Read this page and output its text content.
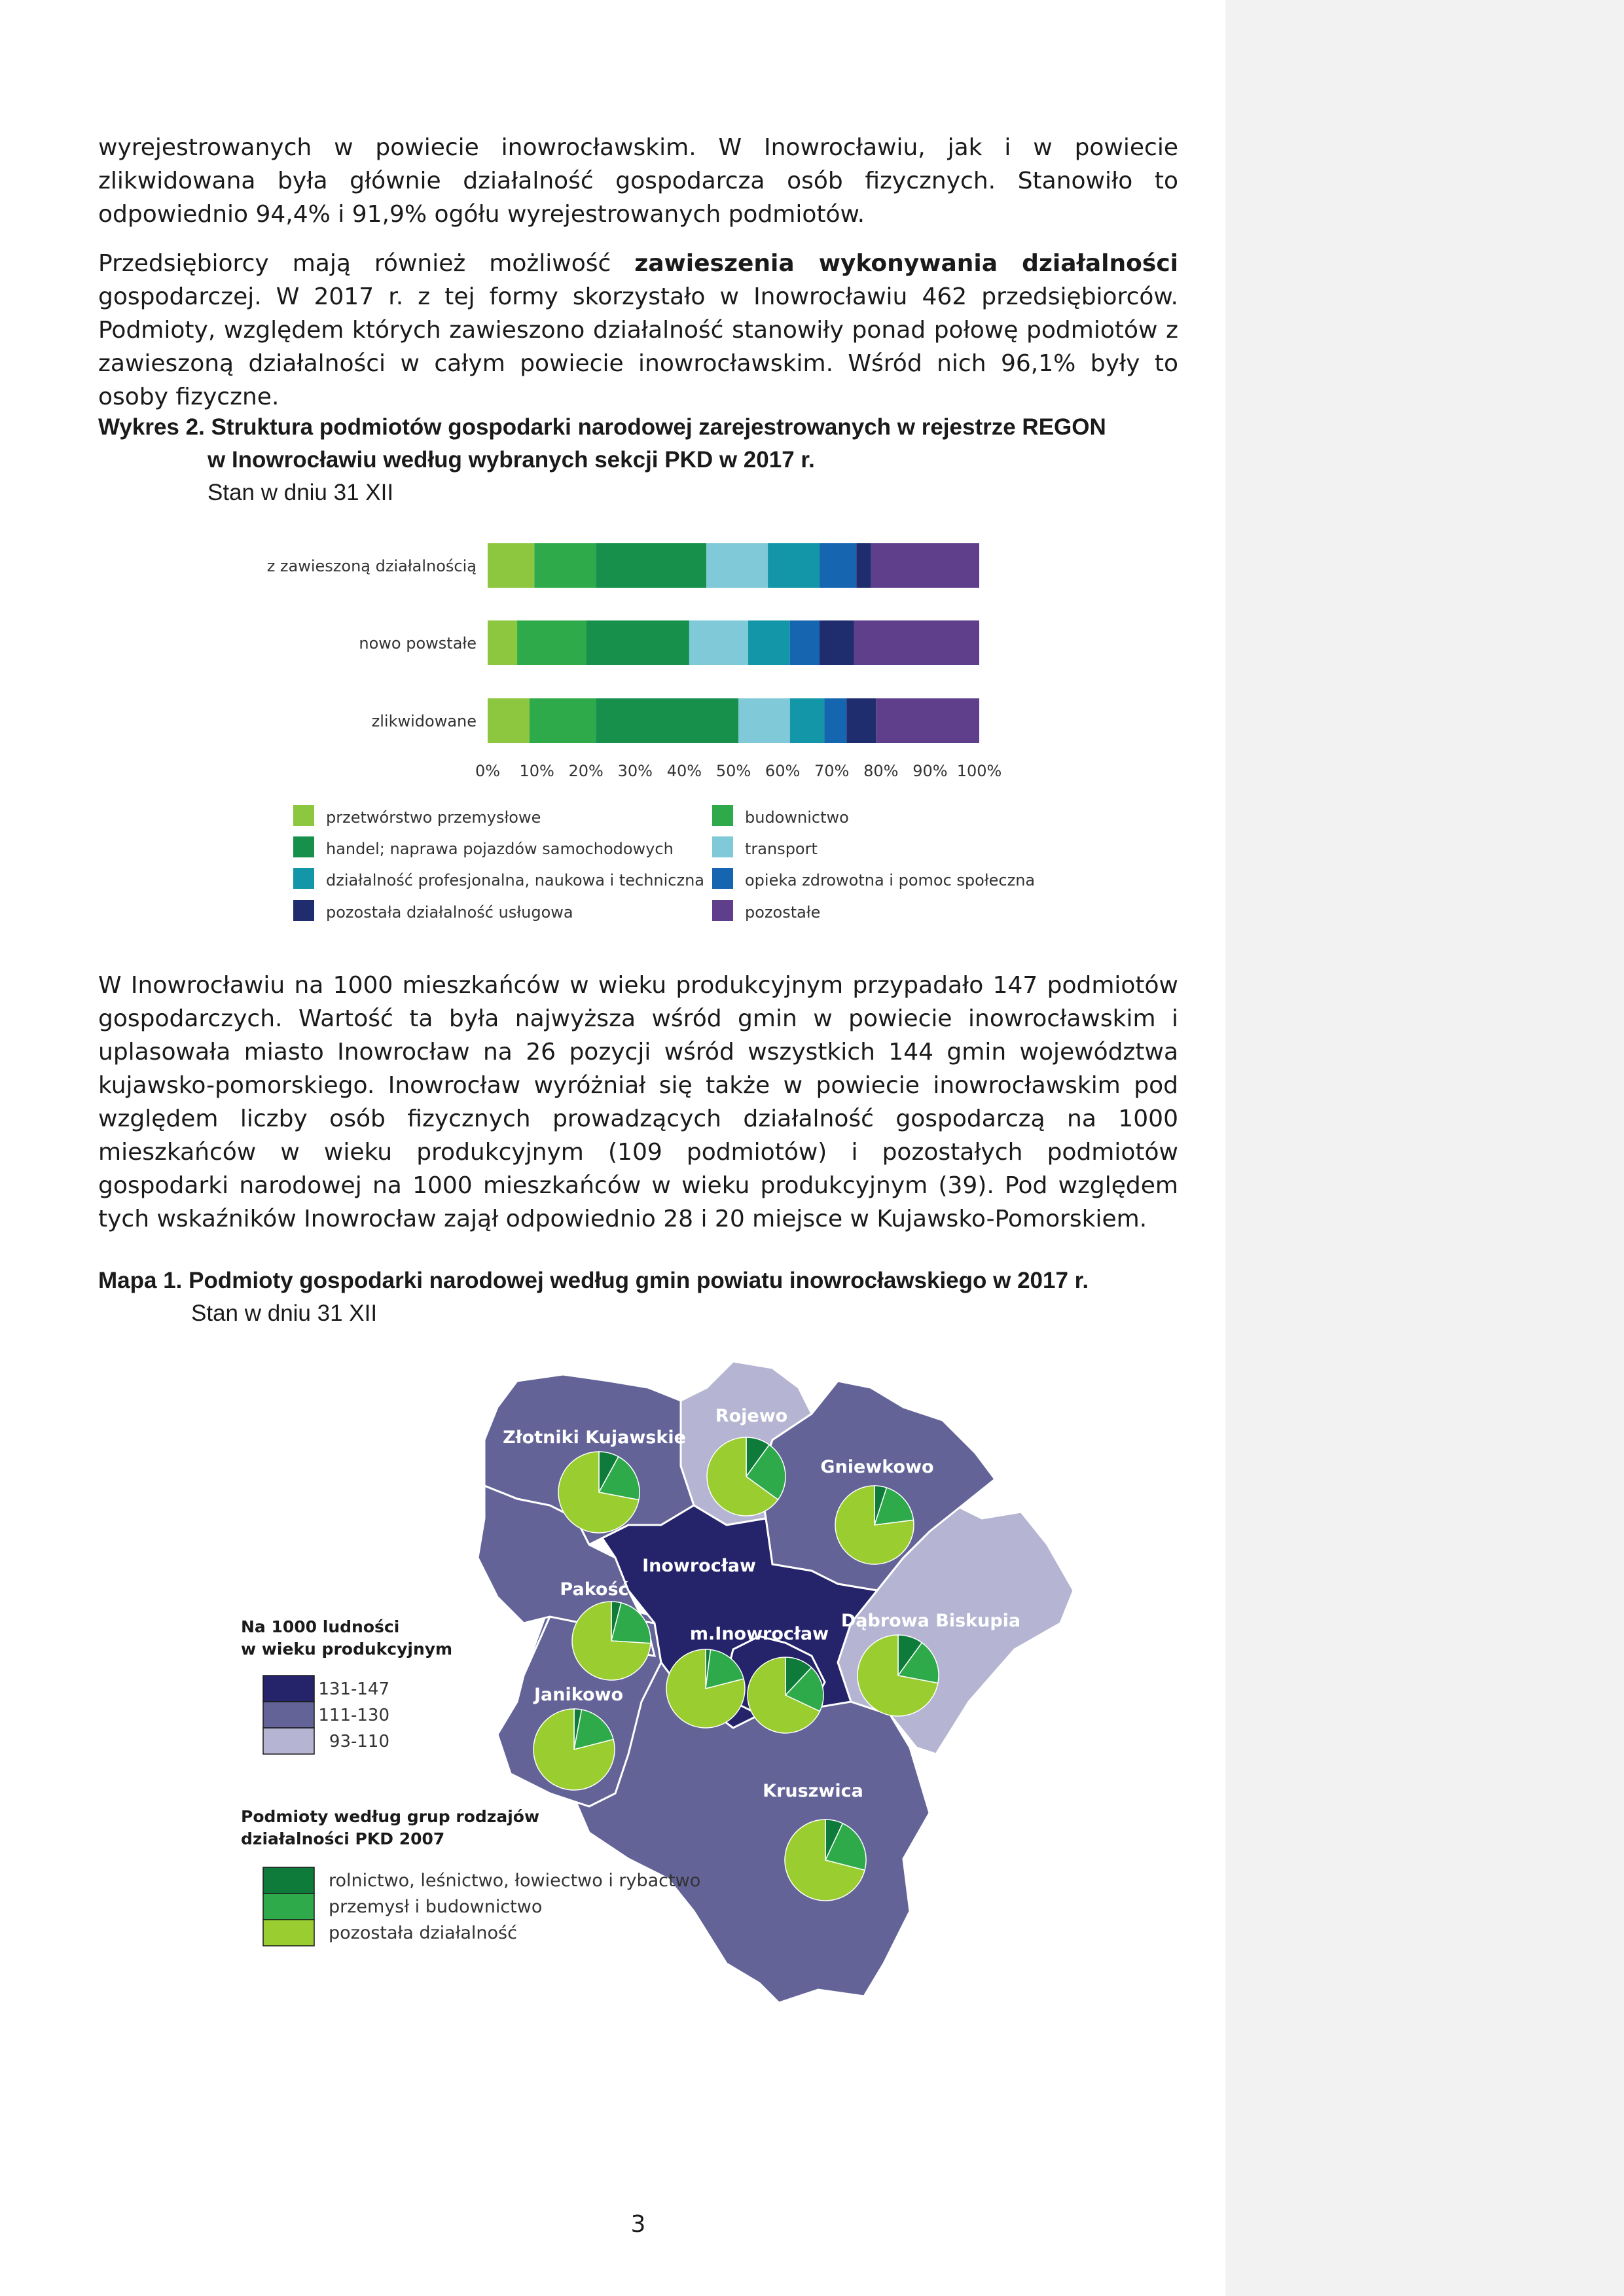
wyrejestrowanych w powiecie inowrocławskim. W Inowrocławiu, jak i w powiecie zlikwidowana była głównie działalność gospodarcza osób fizycznych. Stanowiło to odpowiednio 94,4% i 91,9% ogółu wyrejestrowanych podmiotów.

Przedsiębiorcy mają również możliwość zawieszenia wykonywania działalności gospodarczej. W 2017 r. z tej formy skorzystało w Inowrocławiu 462 przedsiębiorców. Podmioty, względem których zawieszono działalność stanowiły ponad połowę podmiotów z zawieszoną działalności w całym powiecie inowrocławskim. Wśród nich 96,1% były to osoby fizyczne.

Wykres 2. Struktura podmiotów gospodarki narodowej zarejestrowanych w rejestrze REGON
w Inowrocławiu według wybranych sekcji PKD w 2017 r.
Stan w dniu 31 XII
z zawieszoną działalnością
nowo powstałe
zlikwidowane
0% 10% 20% 30% 40% 50% 60% 70% 80% 90% 100%
przetwórstwo przemysłowe	budownictwo
handel; naprawa pojazdów samochodowych	transport
działalność profesjonalna, naukowa i techniczna	opieka zdrowotna i pomoc społeczna
pozostała działalność usługowa	pozostałe

W Inowrocławiu na 1000 mieszkańców w wieku produkcyjnym przypadało 147 podmiotów gospodarczych. Wartość ta była najwyższa wśród gmin w powiecie inowrocławskim i uplasowała miasto Inowrocław na 26 pozycji wśród wszystkich 144 gmin województwa kujawsko-pomorskiego. Inowrocław wyróżniał się także w powiecie inowrocławskim pod względem liczby osób fizycznych prowadzących działalność gospodarczą na 1000 mieszkańców w wieku produkcyjnym (109 podmiotów) i pozostałych podmiotów gospodarki narodowej na 1000 mieszkańców w wieku produkcyjnym (39). Pod względem tych wskaźników Inowrocław zajął odpowiednio 28 i 20 miejsce w Kujawsko-Pomorskiem.

Mapa 1. Podmioty gospodarki narodowej według gmin powiatu inowrocławskiego w 2017 r.
Stan w dniu 31 XII
Złotniki Kujawskie
Rojewo
Gniewkowo
Inowrocław
Pakość
m.Inowrocław
Dąbrowa Biskupia
Janikowo
Kruszwica
Na 1000 ludności
w wieku produkcyjnym
131-147
111-130
93-110
Podmioty według grup rodzajów
działalności PKD 2007
rolnictwo, leśnictwo, łowiectwo i rybactwo
przemysł i budownictwo
pozostała działalność
3
